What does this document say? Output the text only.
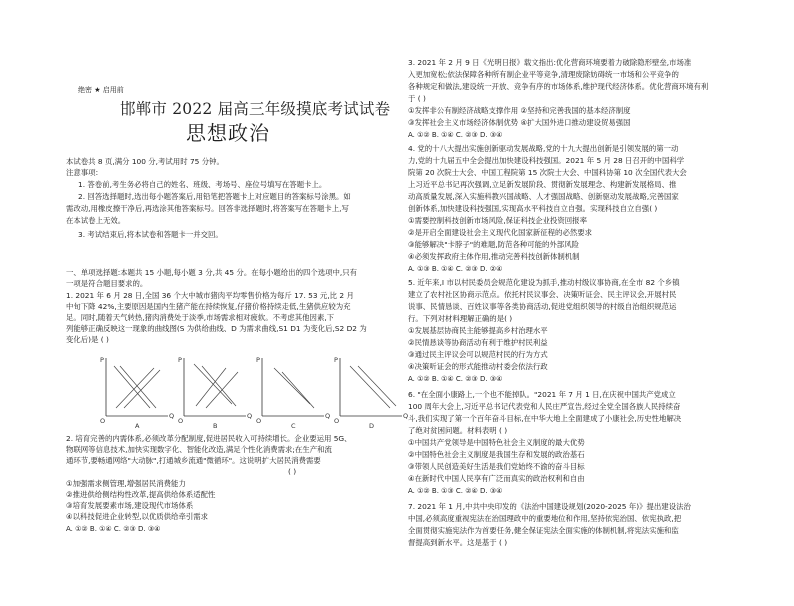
绝密 ★ 启用前
邯郸市 2022 届高三年级摸底考试试卷
思想政治
本试卷共 8 页,满分 100 分,考试用时 75 分钟。
注意事项:
1. 答卷前,考生务必将自己的姓名、班级、考场号、座位号填写在答题卡上。
2. 回答选择题时,选出每小题答案后,用铅笔把答题卡上对应题目的答案标号涂黑。如
需改动,用橡皮擦干净后,再选涂其他答案标号。回答非选择题时,将答案写在答题卡上,写
在本试卷上无效。
3. 考试结束后,将本试卷和答题卡一并交回。
一、单项选择题:本题共 15 小题,每小题 3 分,共 45 分。在每小题给出的四个选项中,只有
一项是符合题目要求的。
1. 2021 年 6 月 28 日,全国 36 个大中城市猪肉平均零售价格为每斤 17. 53 元,比 2 月
中旬下降 42%,主要原因是国内生猪产能在持续恢复,仔猪价格持续走低,生猪供应较为充
足。同时,随着天气转热,猪肉消费处于淡季,市场需求相对疲软。不考虑其他因素,下
列能够正确反映这一现象的曲线图(S 为供给曲线、D 为需求曲线,S1 D1 为变化后,S2 D2 为
变化后)是 ( )
P
Q
O
A
P
Q
O
B
P
Q
O
C
P
Q
O
D
2. 培育完善的内需体系,必须改革分配制度,促进居民收入可持续增长。企业要运用 5G、
物联网等信息技术,加快实现数字化、智能化改造,满足个性化消费需求;在生产和流
通环节,要畅通网络"大动脉",打通城乡流通"微循环"。这说明扩大居民消费需要
( )
①加强需求侧管理,增强居民消费能力
②推进供给侧结构性改革,提高供给体系适配性
③培育发展要素市场,建设现代市场体系
④以科技促进企业转型,以优质供给牵引需求
A. ①② B. ①④ C. ②③ D. ③④
3. 2021 年 2 月 9 日《光明日报》载文指出:优化营商环境要着力破除隐形壁垒,市场准
入更加宽松;依法保障各种所有制企业平等竞争,清理废除妨碍统一市场和公平竞争的
各种规定和做法,建设统一开放、竞争有序的市场体系,维护现代经济体系。优化营商环境有利
于 ( )
①发挥非公有制经济战略支撑作用 ②坚持和完善我国的基本经济制度
③发挥社会主义市场经济体制优势 ④扩大国外进口推动建设贸易强国
A. ①② B. ①④ C. ②③ D. ③④
4. 党的十八大提出实施创新驱动发展战略,党的十九大提出创新是引领发展的第一动
力,党的十九届五中全会提出加快建设科技强国。2021 年 5 月 28 日召开的中国科学
院第 20 次院士大会、中国工程院第 15 次院士大会、中国科协第 10 次全国代表大会
上习近平总书记再次强调,立足新发展阶段、贯彻新发展理念、构建新发展格局、推
动高质量发展,深入实施科教兴国战略、人才强国战略、创新驱动发展战略,完善国家
创新体系,加快建设科技强国,实现高水平科技自立自强。实现科技自立自强( )
①需要控制科技创新市场风险,保证科技企业投资回报率
②是开启全面建设社会主义现代化国家新征程的必然要求
③能够解决"卡脖子"的难题,防范各种可能的外部风险
④必须发挥政府主体作用,推动完善科技创新体制机制
A. ①③ B. ①④ C. ②③ D. ②④
5. 近年来,I 市以村民委员会规范化建设为抓手,推动村级议事协商,在全市 82 个乡镇
建立了农村社区协商示范点。依托村民议事会、决策听证会、民主评议会,开展村民
说事、民情恳谈、百姓议事等各类协商活动,促进党组织领导的村级自治组织规范运
行。下列对材料理解正确的是( )
①发展基层协商民主能够提高乡村治理水平
②民情恳谈等协商活动有利于维护村民利益
③通过民主评议会可以规范村民的行为方式
④决策听证会的形式能推动村委会依法行政
A. ①② B. ①④ C. ②③ D. ③④
6. "在全面小康路上,一个也不能掉队。"2021 年 7 月 1 日,在庆祝中国共产党成立
100 周年大会上,习近平总书记代表党和人民庄严宣告,经过全党全国各族人民持续奋
斗,我们实现了第一个百年奋斗目标,在中华大地上全面建成了小康社会,历史性地解决
了绝对贫困问题。材料表明 ( )
①中国共产党领导是中国特色社会主义制度的最大优势
②中国特色社会主义制度是我国生存和发展的政治基石
③带领人民创造美好生活是我们党始终不渝的奋斗目标
④在新时代中国人民享有广泛而真实的政治权利和自由
A. ①② B. ①③ C. ②④ D. ③④
7. 2021 年 1 月,中共中央印发的《法治中国建设规划(2020-2025 年)》提出建设法治
中国,必须高度重视宪法在治国理政中的重要地位和作用,坚持依宪治国、依宪执政,把
全面贯彻实施宪法作为首要任务,健全保证宪法全面实施的体制机制,将宪法实施和监
督提高到新水平。这是基于 ( )
